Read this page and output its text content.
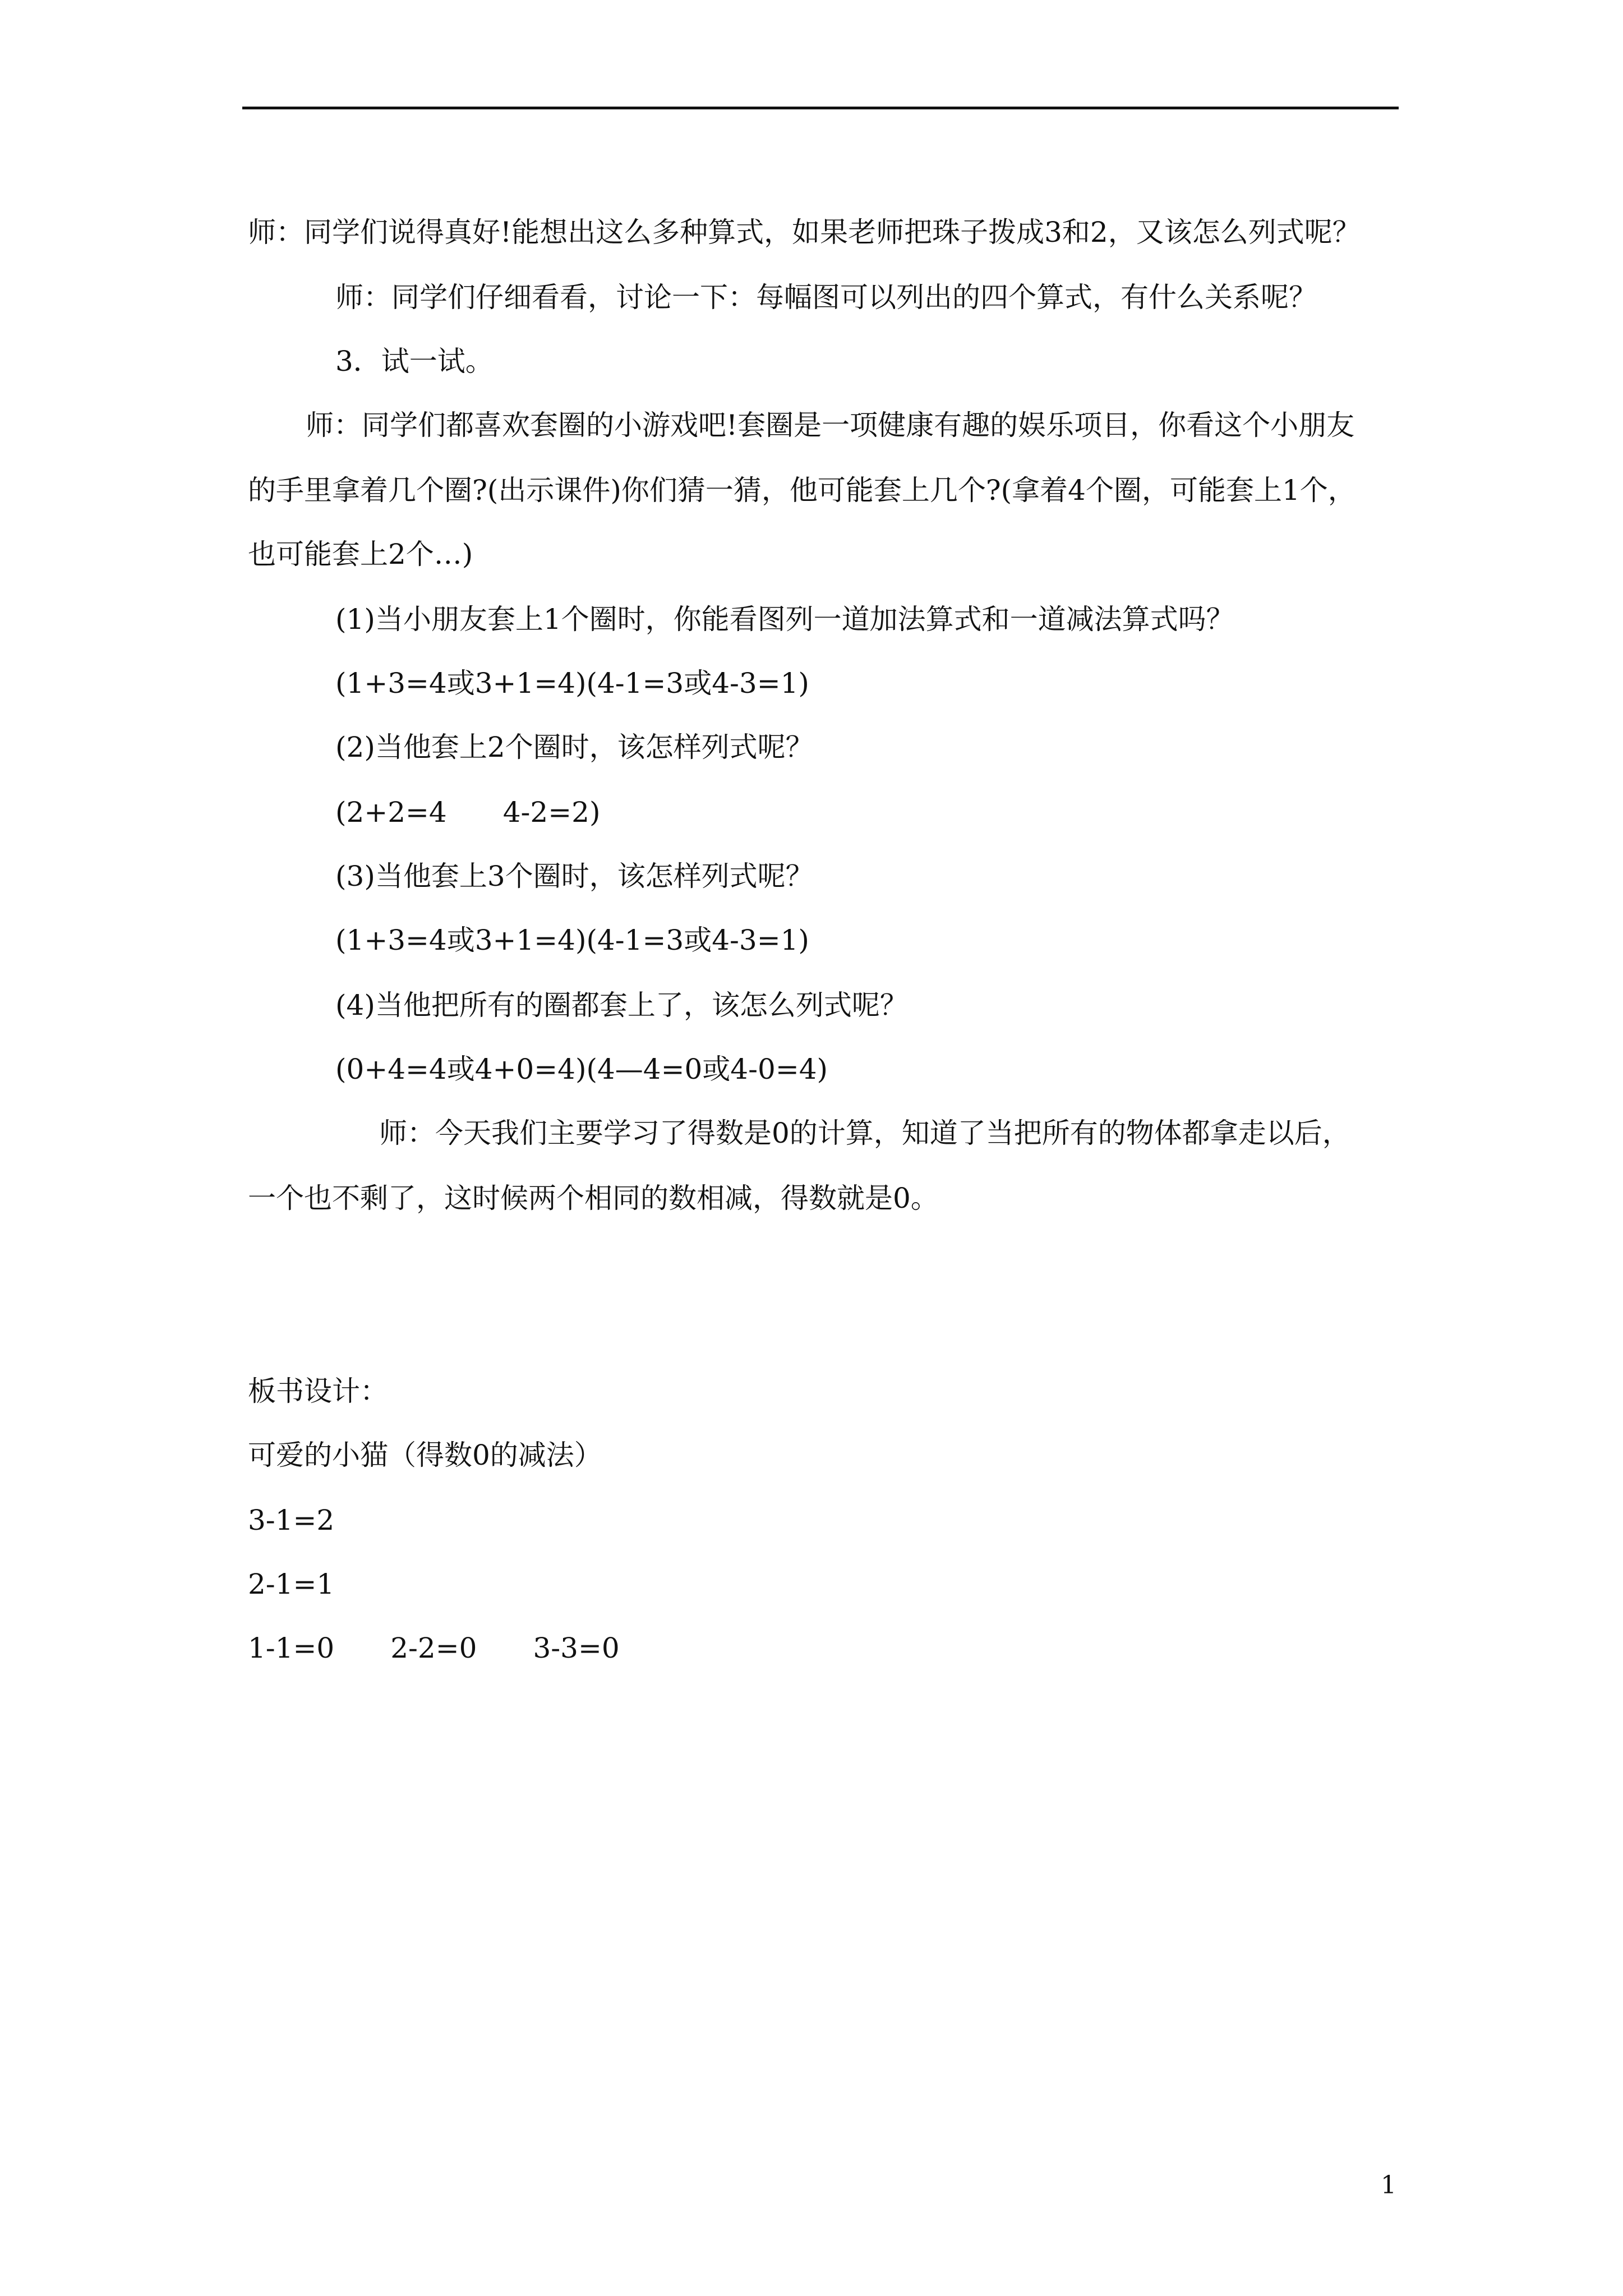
师：同学们说得真好!能想出这么多种算式，如果老师把珠子拨成3和2，又该怎么列式呢？

师：同学们仔细看看，讨论一下：每幅图可以列出的四个算式，有什么关系呢？

3．试一试。

师：同学们都喜欢套圈的小游戏吧!套圈是一项健康有趣的娱乐项目，你看这个小朋友

的手里拿着几个圈?(出示课件)你们猜一猜，他可能套上几个?(拿着4个圈，可能套上1个，

也可能套上2个…)

(1)当小朋友套上1个圈时，你能看图列一道加法算式和一道减法算式吗？

(1+3=4或3+1=4)(4-1=3或4-3=1)

(2)当他套上2个圈时，该怎样列式呢？

(2+2=4　　4-2=2)

(3)当他套上3个圈时，该怎样列式呢？

(1+3=4或3+1=4)(4-1=3或4-3=1)

(4)当他把所有的圈都套上了，该怎么列式呢？

(0+4=4或4+0=4)(4—4=0或4-0=4)

师：今天我们主要学习了得数是0的计算，知道了当把所有的物体都拿走以后，

一个也不剩了，这时候两个相同的数相减，得数就是0。

板书设计：

可爱的小猫（得数0的减法）

3-1=2

2-1=1

1-1=0　　2-2=0　　3-3=0

1
